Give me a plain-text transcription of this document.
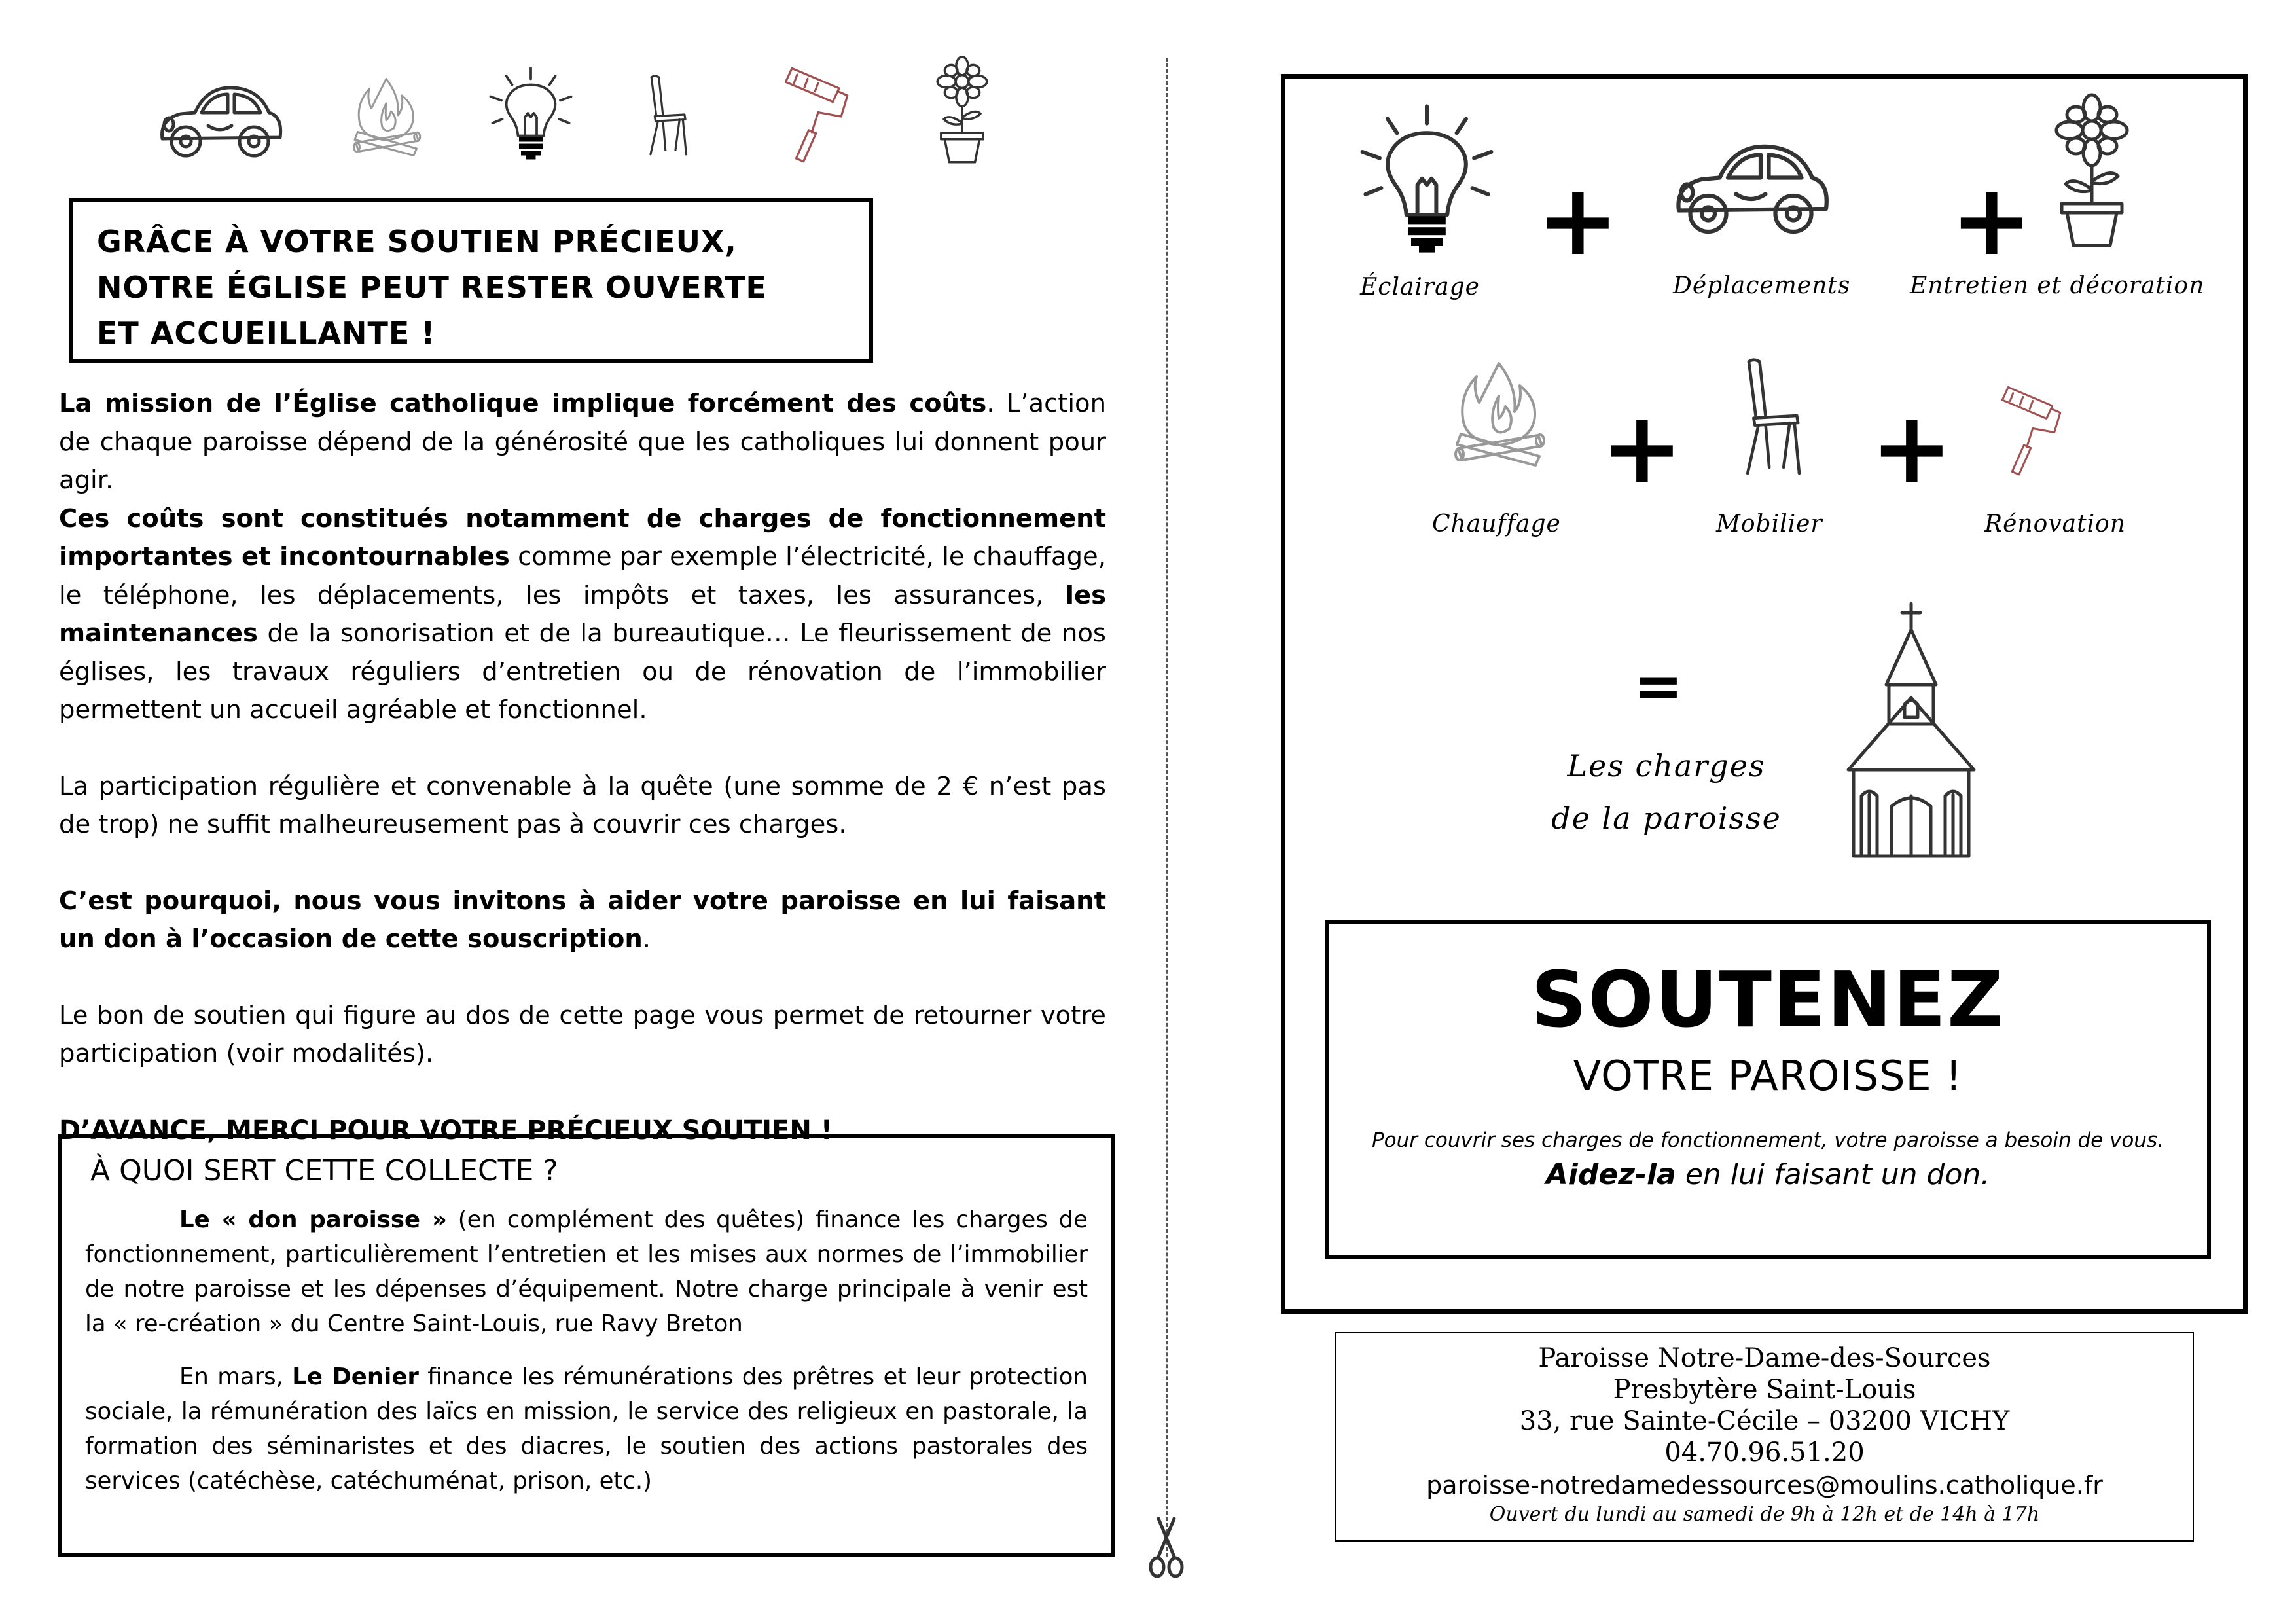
GRÂCE À VOTRE SOUTIEN PRÉCIEUX,
NOTRE ÉGLISE PEUT RESTER OUVERTE
ET ACCUEILLANTE !

La mission de l’Église catholique implique forcément des coûts. L’action de chaque paroisse dépend de la générosité que les catholiques lui donnent pour agir.

Ces coûts sont constitués notamment de charges de fonctionnement importantes et incontournables comme par exemple l’électricité, le chauffage, le téléphone, les déplacements, les impôts et taxes, les assurances, les maintenances de la sonorisation et de la bureautique… Le fleurissement de nos églises, les travaux réguliers d’entretien ou de rénovation de l’immobilier permettent un accueil agréable et fonctionnel.

La participation régulière et convenable à la quête (une somme de 2 € n’est pas de trop) ne suffit malheureusement pas à couvrir ces charges.

C’est pourquoi, nous vous invitons à aider votre paroisse en lui faisant un don à l’occasion de cette souscription.

Le bon de soutien qui figure au dos de cette page vous permet de retourner votre participation (voir modalités).

D’AVANCE, MERCI POUR VOTRE PRÉCIEUX SOUTIEN !

À QUOI SERT CETTE COLLECTE ?

Le « don paroisse » (en complément des quêtes) finance les charges de fonctionnement, particulièrement l’entretien et les mises aux normes de l’immobilier de notre paroisse et les dépenses d’équipement. Notre charge principale à venir est la « re-création » du Centre Saint-Louis, rue Ravy Breton

En mars, Le Denier finance les rémunérations des prêtres et leur protection sociale, la rémunération des laïcs en mission, le service des religieux en pastorale, la formation des séminaristes et des diacres, le soutien des actions pastorales des services (catéchèse, catéchuménat, prison, etc.)

+	+
Éclairage	Déplacements	Entretien et décoration
+ +
Chauffage	Mobilier	Rénovation
=
Les charges
de la paroisse
SOUTENEZ
VOTRE PAROISSE !
Pour couvrir ses charges de fonctionnement, votre paroisse a besoin de vous.
Aidez-la en lui faisant un don.
Paroisse Notre-Dame-des-Sources
Presbytère Saint-Louis
33, rue Sainte-Cécile – 03200 VICHY
04.70.96.51.20
paroisse-notredamedessources@moulins.catholique.fr
Ouvert du lundi au samedi de 9h à 12h et de 14h à 17h
